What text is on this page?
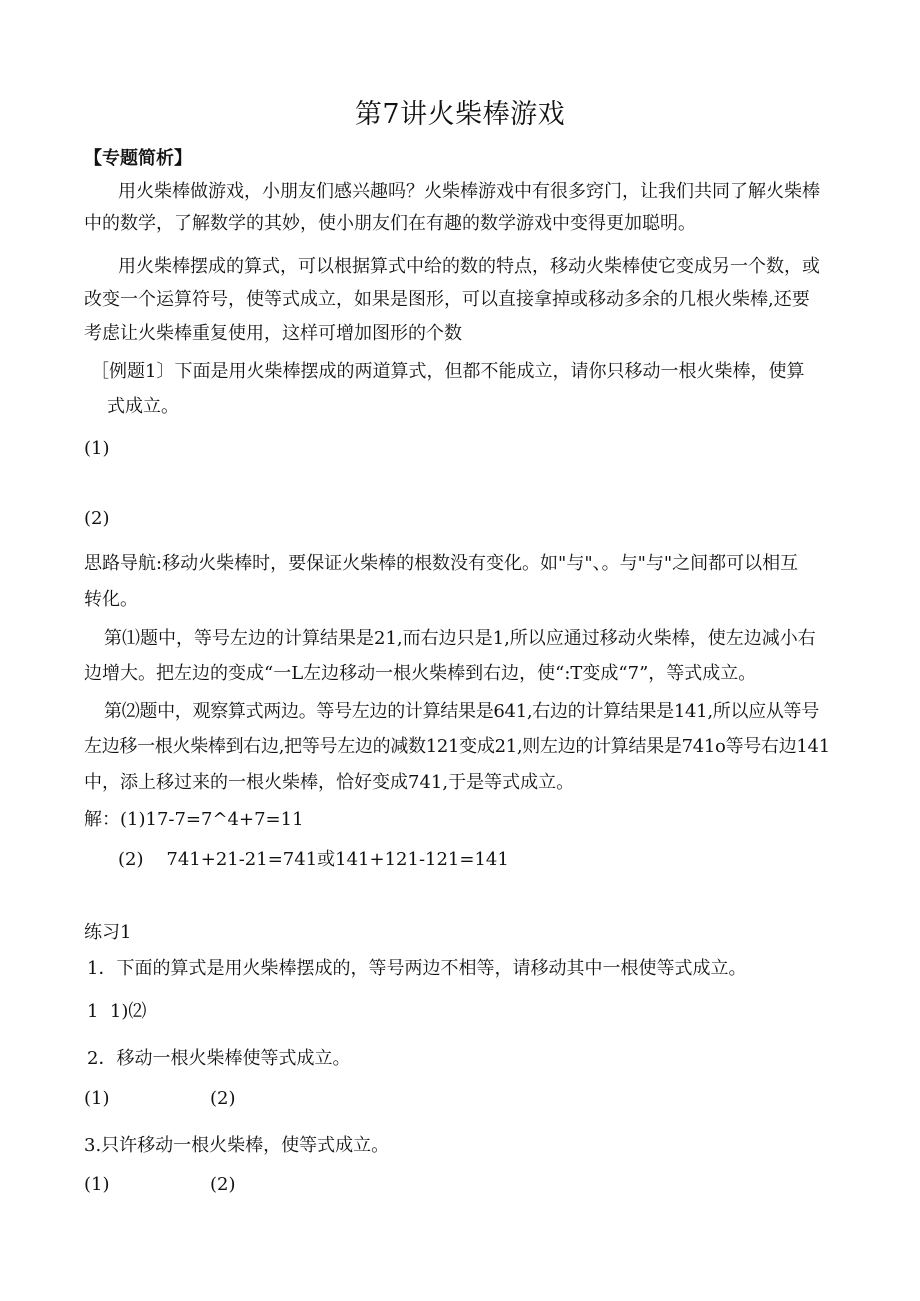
第7讲火柴棒游戏

【专题简析】

用火柴棒做游戏，小朋友们感兴趣吗？火柴棒游戏中有很多窍门，让我们共同了解火柴棒

中的数学，了解数学的其妙，使小朋友们在有趣的数学游戏中变得更加聪明。

用火柴棒摆成的算式，可以根据算式中给的数的特点，移动火柴棒使它变成另一个数，或

改变一个运算符号，使等式成立，如果是图形，可以直接拿掉或移动多余的几根火柴棒,还要

考虑让火柴棒重复使用，这样可增加图形的个数

［例题1〕下面是用火柴棒摆成的两道算式，但都不能成立，请你只移动一根火柴棒，使算

式成立。

(1)

(2)

思路导航:移动火柴棒时，要保证火柴棒的根数没有变化。如"与"、。与"与"之间都可以相互

转化。

第⑴题中，等号左边的计算结果是21,而右边只是1,所以应通过移动火柴棒，使左边减小右

边增大。把左边的变成“一L左边移动一根火柴棒到右边，使“:T变成“7”，等式成立。

第⑵题中，观察算式两边。等号左边的计算结果是641,右边的计算结果是141,所以应从等号

左边移一根火柴棒到右边,把等号左边的减数121变成21,则左边的计算结果是741o等号右边141

中，添上移过来的一根火柴棒，恰好变成741,于是等式成立。

解：(1)17-7=7^4+7=11

(2)    741+21-21=741或141+121-121=141

练习1

1．下面的算式是用火柴棒摆成的，等号两边不相等，请移动其中一根使等式成立。

1  1)⑵

2．移动一根火柴棒使等式成立。

(1)	(2)

3.只许移动一根火柴棒，使等式成立。

(1)	(2)
